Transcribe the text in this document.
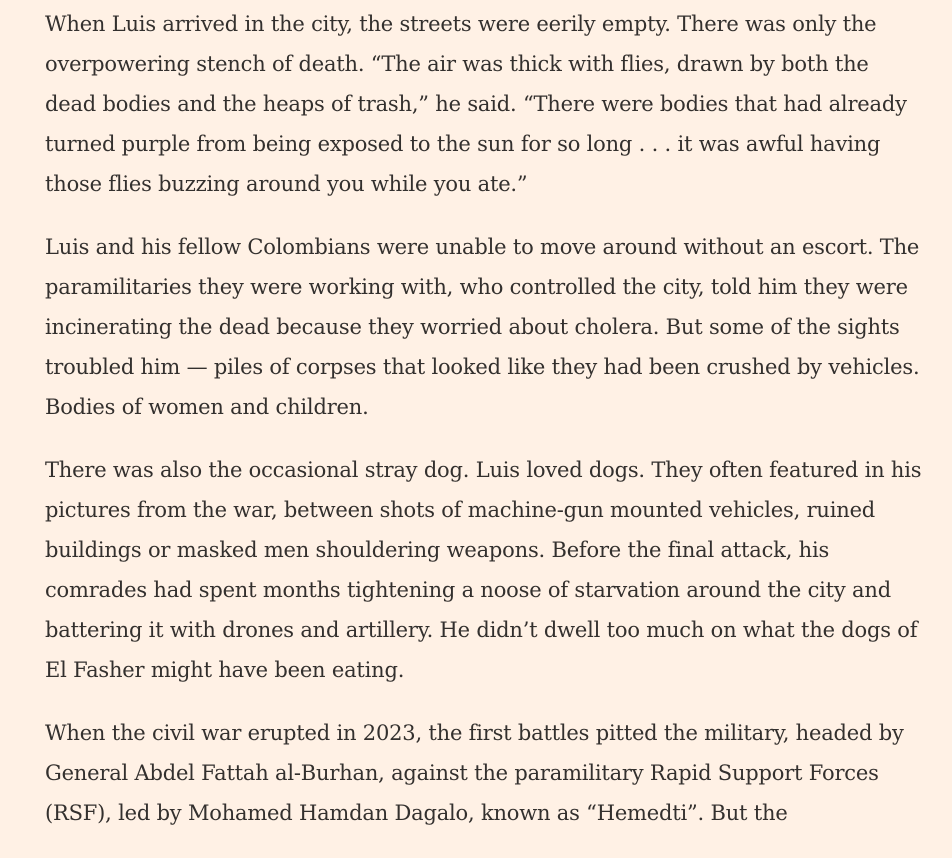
When Luis arrived in the city, the streets were eerily empty. There was only the overpowering stench of death. “The air was thick with flies, drawn by both the dead bodies and the heaps of trash,” he said. “There were bodies that had already turned purple from being exposed to the sun for so long . . . it was awful having those flies buzzing around you while you ate.”

Luis and his fellow Colombians were unable to move around without an escort. The paramilitaries they were working with, who controlled the city, told him they were incinerating the dead because they worried about cholera. But some of the sights troubled him — piles of corpses that looked like they had been crushed by vehicles. Bodies of women and children.

There was also the occasional stray dog. Luis loved dogs. They often featured in his pictures from the war, between shots of machine-gun mounted vehicles, ruined buildings or masked men shouldering weapons. Before the final attack, his comrades had spent months tightening a noose of starvation around the city and battering it with drones and artillery. He didn’t dwell too much on what the dogs of El Fasher might have been eating.

When the civil war erupted in 2023, the first battles pitted the military, headed by General Abdel Fattah al-Burhan, against the paramilitary Rapid Support Forces (RSF), led by Mohamed Hamdan Dagalo, known as “Hemedti”. But the
